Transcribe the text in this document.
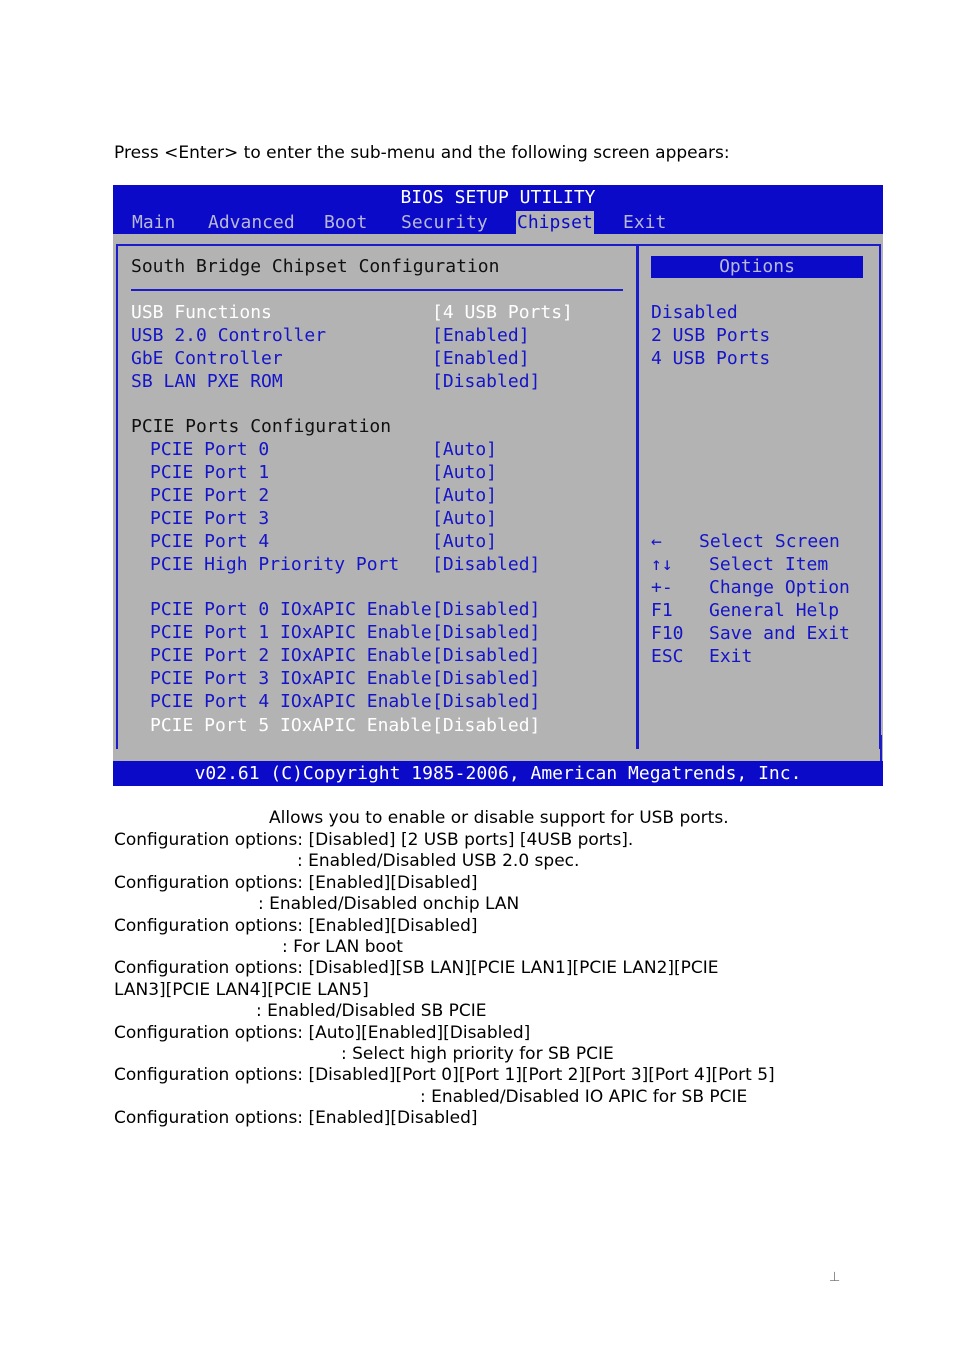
Press <Enter> to enter the sub-menu and the following screen appears:
BIOS SETUP UTILITY
Main Advanced Boot Security Chipset Exit
South Bridge Chipset Configuration
USB Functions	[4 USB Ports]
USB 2.0 Controller	[Enabled]
GbE Controller	[Enabled]
SB LAN PXE ROM	[Disabled]
PCIE Ports Configuration
PCIE Port 0	[Auto]
PCIE Port 1	[Auto]
PCIE Port 2	[Auto]
PCIE Port 3	[Auto]
PCIE Port 4	[Auto]
PCIE High Priority Port [Disabled]
PCIE Port 0 IOxAPIC Enable [Disabled]
PCIE Port 1 IOxAPIC Enable [Disabled]
PCIE Port 2 IOxAPIC Enable [Disabled]
PCIE Port 3 IOxAPIC Enable [Disabled]
PCIE Port 4 IOxAPIC Enable [Disabled]
PCIE Port 5 IOxAPIC Enable [Disabled]
Options
Disabled
2 USB Ports
4 USB Ports
← Select Screen
↑↓ Select Item
+- Change Option
F1 General Help
F10 Save and Exit
ESC Exit
v02.61 (C)Copyright 1985-2006, American Megatrends, Inc.
Allows you to enable or disable support for USB ports.
Configuration options: [Disabled] [2 USB ports] [4USB ports].
: Enabled/Disabled USB 2.0 spec.
Configuration options: [Enabled][Disabled]
: Enabled/Disabled onchip LAN
Configuration options: [Enabled][Disabled]
: For LAN boot
Configuration options: [Disabled][SB LAN][PCIE LAN1][PCIE LAN2][PCIE
LAN3][PCIE LAN4][PCIE LAN5]
: Enabled/Disabled SB PCIE
Configuration options: [Auto][Enabled][Disabled]
: Select high priority for SB PCIE
Configuration options: [Disabled][Port 0][Port 1][Port 2][Port 3][Port 4][Port 5]
: Enabled/Disabled IO APIC for SB PCIE
Configuration options: [Enabled][Disabled]
⊥
